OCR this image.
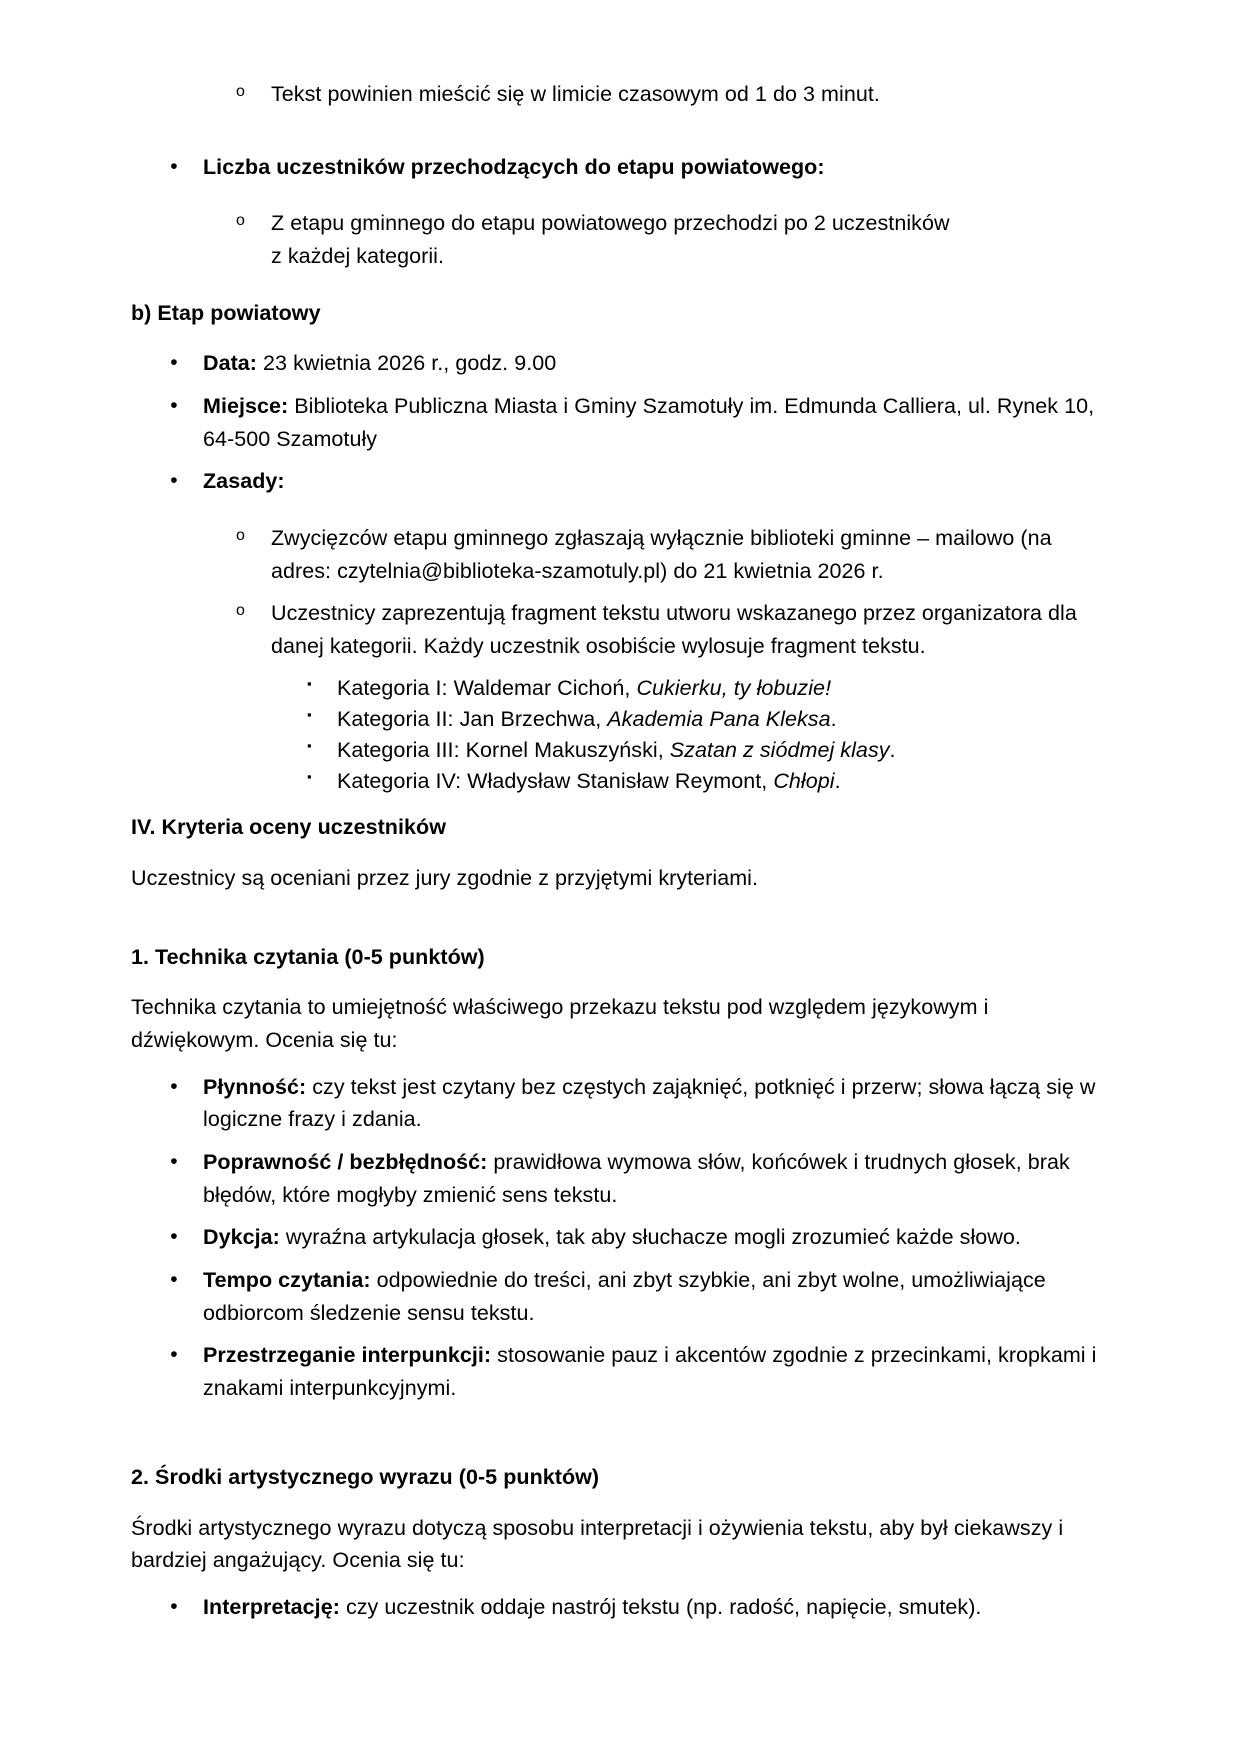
o Tekst powinien mieścić się w limicie czasowym od 1 do 3 minut.
• Liczba uczestników przechodzących do etapu powiatowego:
o Z etapu gminnego do etapu powiatowego przechodzi po 2 uczestników
z każdej kategorii.

b) Etap powiatowy

• Data: 23 kwietnia 2026 r., godz. 9.00
• Miejsce: Biblioteka Publiczna Miasta i Gminy Szamotuły im. Edmunda Calliera, ul. Rynek 10, 64-500 Szamotuły
• Zasady:
o Zwycięzców etapu gminnego zgłaszają wyłącznie biblioteki gminne – mailowo (na adres: czytelnia@biblioteka-szamotuly.pl) do 21 kwietnia 2026 r.
o Uczestnicy zaprezentują fragment tekstu utworu wskazanego przez organizatora dla danej kategorii. Każdy uczestnik osobiście wylosuje fragment tekstu.
▪ Kategoria I: Waldemar Cichoń, Cukierku, ty łobuzie!
▪ Kategoria II: Jan Brzechwa, Akademia Pana Kleksa.
▪ Kategoria III: Kornel Makuszyński, Szatan z siódmej klasy.
▪ Kategoria IV: Władysław Stanisław Reymont, Chłopi.

IV. Kryteria oceny uczestników

Uczestnicy są oceniani przez jury zgodnie z przyjętymi kryteriami.

1. Technika czytania (0-5 punktów)

Technika czytania to umiejętność właściwego przekazu tekstu pod względem językowym i dźwiękowym. Ocenia się tu:

• Płynność: czy tekst jest czytany bez częstych zająknięć, potknięć i przerw; słowa łączą się w logiczne frazy i zdania.
• Poprawność / bezbłędność: prawidłowa wymowa słów, końcówek i trudnych głosek, brak błędów, które mogłyby zmienić sens tekstu.
• Dykcja: wyraźna artykulacja głosek, tak aby słuchacze mogli zrozumieć każde słowo.
• Tempo czytania: odpowiednie do treści, ani zbyt szybkie, ani zbyt wolne, umożliwiające odbiorcom śledzenie sensu tekstu.
• Przestrzeganie interpunkcji: stosowanie pauz i akcentów zgodnie z przecinkami, kropkami i znakami interpunkcyjnymi.

2. Środki artystycznego wyrazu (0-5 punktów)

Środki artystycznego wyrazu dotyczą sposobu interpretacji i ożywienia tekstu, aby był ciekawszy i bardziej angażujący. Ocenia się tu:

• Interpretację: czy uczestnik oddaje nastrój tekstu (np. radość, napięcie, smutek).
